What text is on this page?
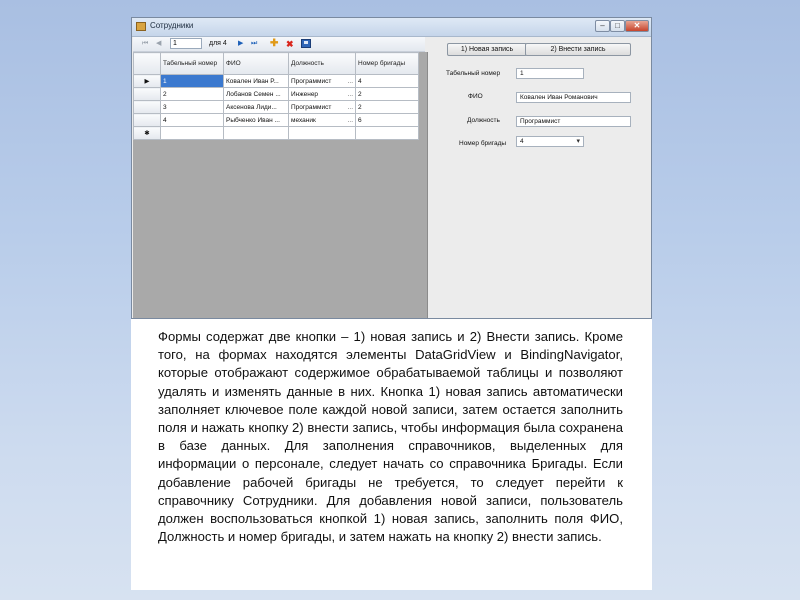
Сотрудники	–	□	✕
⏮ ◀	1	для 4 ▶ ⏭ ✚ ✖
	Табельный номер	ФИО	Должность	Номер бригады
▶	1	Ковален Иван Р...	Программист ...	4
	2	Лобанов Семен ...	Инженер ...	2
	3	Аксенова Лиди...	Программист ...	2
	4	Рыбченко Иван ...	механик ...	6
✱				
1) Новая запись	2) Внести запись
Табельный номер	1
ФИО	Ковален Иван Романович
Должность	Программист
Номер бригады	4 ▾
Формы содержат две кнопки – 1) новая запись и 2) Внести запись. Кроме того, на формах находятся элементы DataGridView и BindingNavigator, которые отображают содержимое обрабатываемой таблицы и позволяют удалять и изменять данные в них. Кнопка 1) новая запись автоматически заполняет ключевое поле каждой новой записи, затем остается заполнить поля и нажать кнопку 2) внести запись, чтобы информация была сохранена в базе данных. Для заполнения справочников, выделенных для информации о персонале, следует начать со справочника Бригады. Если добавление рабочей бригады не требуется, то следует перейти к справочнику Сотрудники. Для добавления новой записи, пользователь должен воспользоваться кнопкой 1) новая запись, заполнить поля ФИО, Должность и номер бригады, и затем нажать на кнопку 2) внести запись.
